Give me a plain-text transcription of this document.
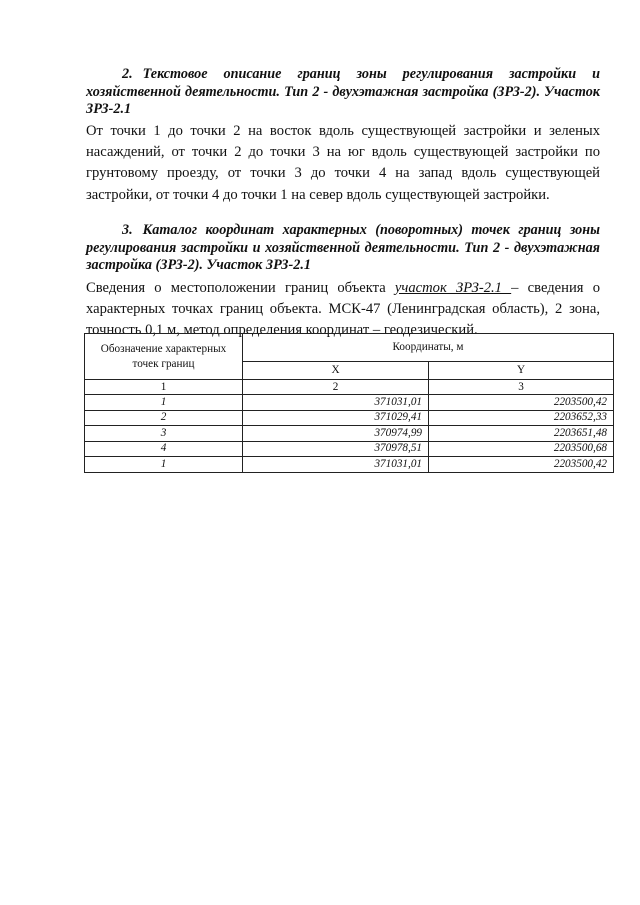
2. Текстовое описание границ зоны регулирования застройки и хозяйственной деятельности. Тип 2 - двухэтажная застройка (ЗРЗ-2). Участок ЗРЗ-2.1

От точки 1 до точки 2 на восток вдоль существующей застройки и зеленых насаждений, от точки 2 до точки 3 на юг вдоль существующей застройки по грунтовому проезду, от точки 3 до точки 4 на запад вдоль существующей застройки, от точки 4 до точки 1 на север вдоль существующей застройки.

3. Каталог координат характерных (поворотных) точек границ зоны регулирования застройки и хозяйственной деятельности. Тип 2 - двухэтажная застройка (ЗРЗ-2). Участок ЗРЗ-2.1

Сведения о местоположении границ объекта участок ЗРЗ-2.1 – сведения о характерных точках границ объекта. МСК-47 (Ленинградская область), 2 зона, точность 0,1 м, метод определения координат – геодезический.

Обозначение характерных точек границ	Координаты, м	
	X	Y
1	2	3
1	371031,01	2203500,42
2	371029,41	2203652,33
3	370974,99	2203651,48
4	370978,51	2203500,68
1	371031,01	2203500,42
